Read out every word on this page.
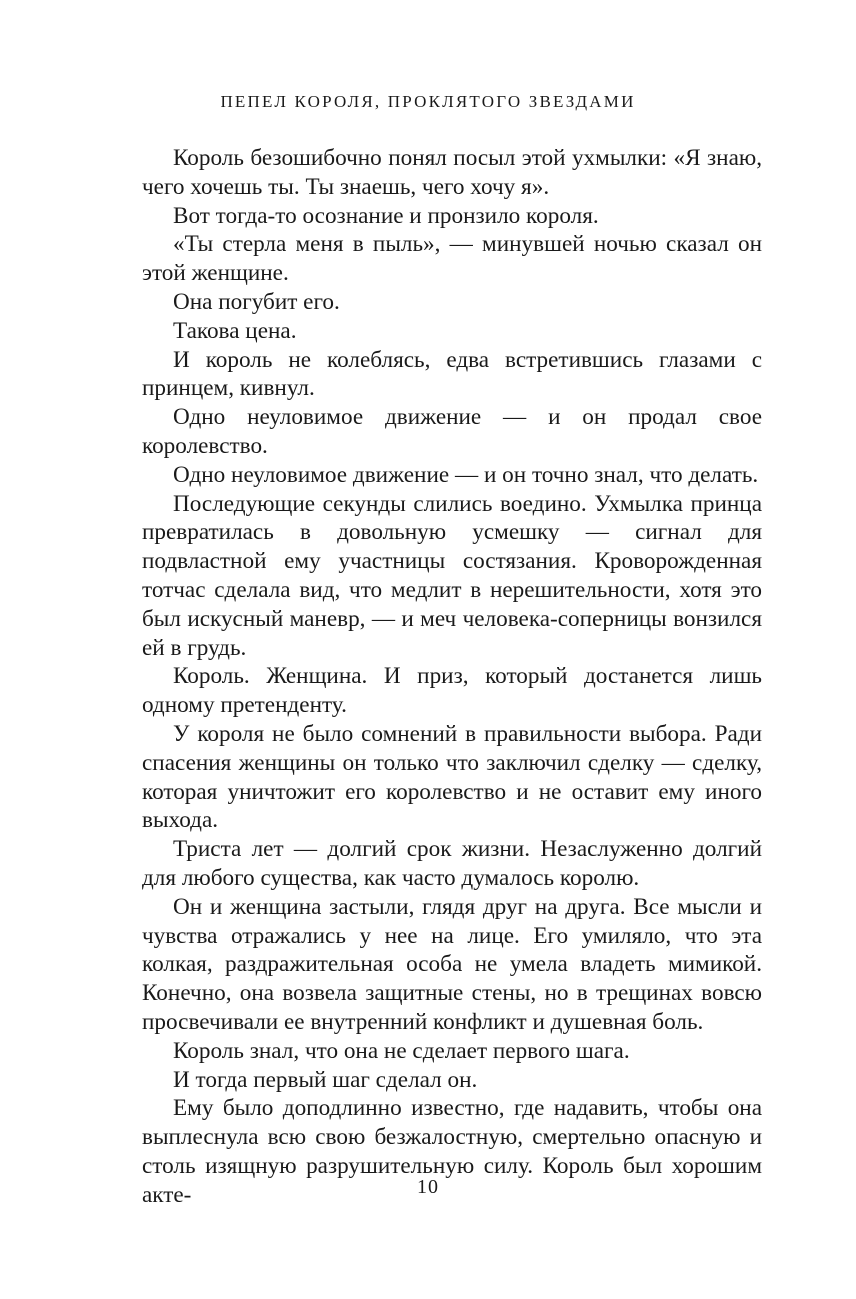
ПЕПЕЛ КОРОЛЯ, ПРОКЛЯТОГО ЗВЕЗДАМИ

Король безошибочно понял посыл этой ухмылки: «Я знаю, чего хочешь ты. Ты знаешь, чего хочу я».

Вот тогда-то осознание и пронзило короля.

«Ты стерла меня в пыль», — минувшей ночью сказал он этой женщине.

Она погубит его.

Такова цена.

И король не колеблясь, едва встретившись глазами с принцем, кивнул.

Одно неуловимое движение — и он продал свое королевство.

Одно неуловимое движение — и он точно знал, что делать.

Последующие секунды слились воедино. Ухмылка принца превратилась в довольную усмешку — сигнал для подвластной ему участницы состязания. Кроворожденная тотчас сделала вид, что медлит в нерешительности, хотя это был искусный маневр, — и меч человека-соперницы вонзился ей в грудь.

Король. Женщина. И приз, который достанется лишь одному претенденту.

У короля не было сомнений в правильности выбора. Ради спасения женщины он только что заключил сделку — сделку, которая уничтожит его королевство и не оставит ему иного выхода.

Триста лет — долгий срок жизни. Незаслуженно долгий для любого существа, как часто думалось королю.

Он и женщина застыли, глядя друг на друга. Все мысли и чувства отражались у нее на лице. Его умиляло, что эта колкая, раздражительная особа не умела владеть мимикой. Конечно, она возвела защитные стены, но в трещинах вовсю просвечивали ее внутренний конфликт и душевная боль.

Король знал, что она не сделает первого шага.

И тогда первый шаг сделал он.

Ему было доподлинно известно, где надавить, чтобы она выплеснула всю свою безжалостную, смертельно опасную и столь изящную разрушительную силу. Король был хорошим акте-	10
